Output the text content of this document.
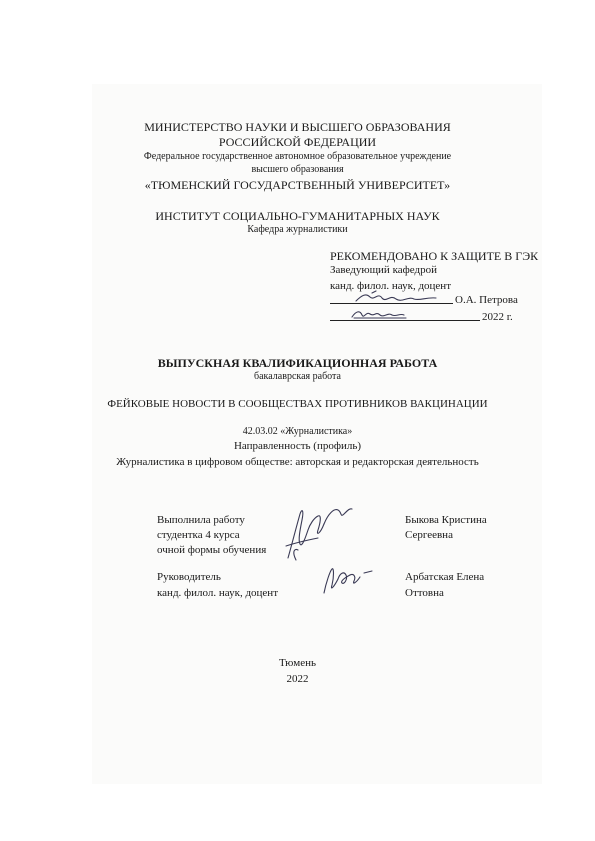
МИНИСТЕРСТВО НАУКИ И ВЫСШЕГО ОБРАЗОВАНИЯ
РОССИЙСКОЙ ФЕДЕРАЦИИ
Федеральное государственное автономное образовательное учреждение
высшего образования
«ТЮМЕНСКИЙ ГОСУДАРСТВЕННЫЙ УНИВЕРСИТЕТ»
ИНСТИТУТ СОЦИАЛЬНО-ГУМАНИТАРНЫХ НАУК
Кафедра журналистики
РЕКОМЕНДОВАНО К ЗАЩИТЕ В ГЭК
Заведующий кафедрой
канд. филол. наук, доцент
О.А. Петрова
2022 г.
ВЫПУСКНАЯ КВАЛИФИКАЦИОННАЯ РАБОТА
бакалаврская работа
ФЕЙКОВЫЕ НОВОСТИ В СООБЩЕСТВАХ ПРОТИВНИКОВ ВАКЦИНАЦИИ
42.03.02 «Журналистика»
Направленность (профиль)
Журналистика в цифровом обществе: авторская и редакторская деятельность
Выполнила работу
студентка 4 курса
очной формы обучения
Быкова Кристина
Сергеевна
Руководитель
канд. филол. наук, доцент
Арбатская Елена
Оттовна
Тюмень
2022
